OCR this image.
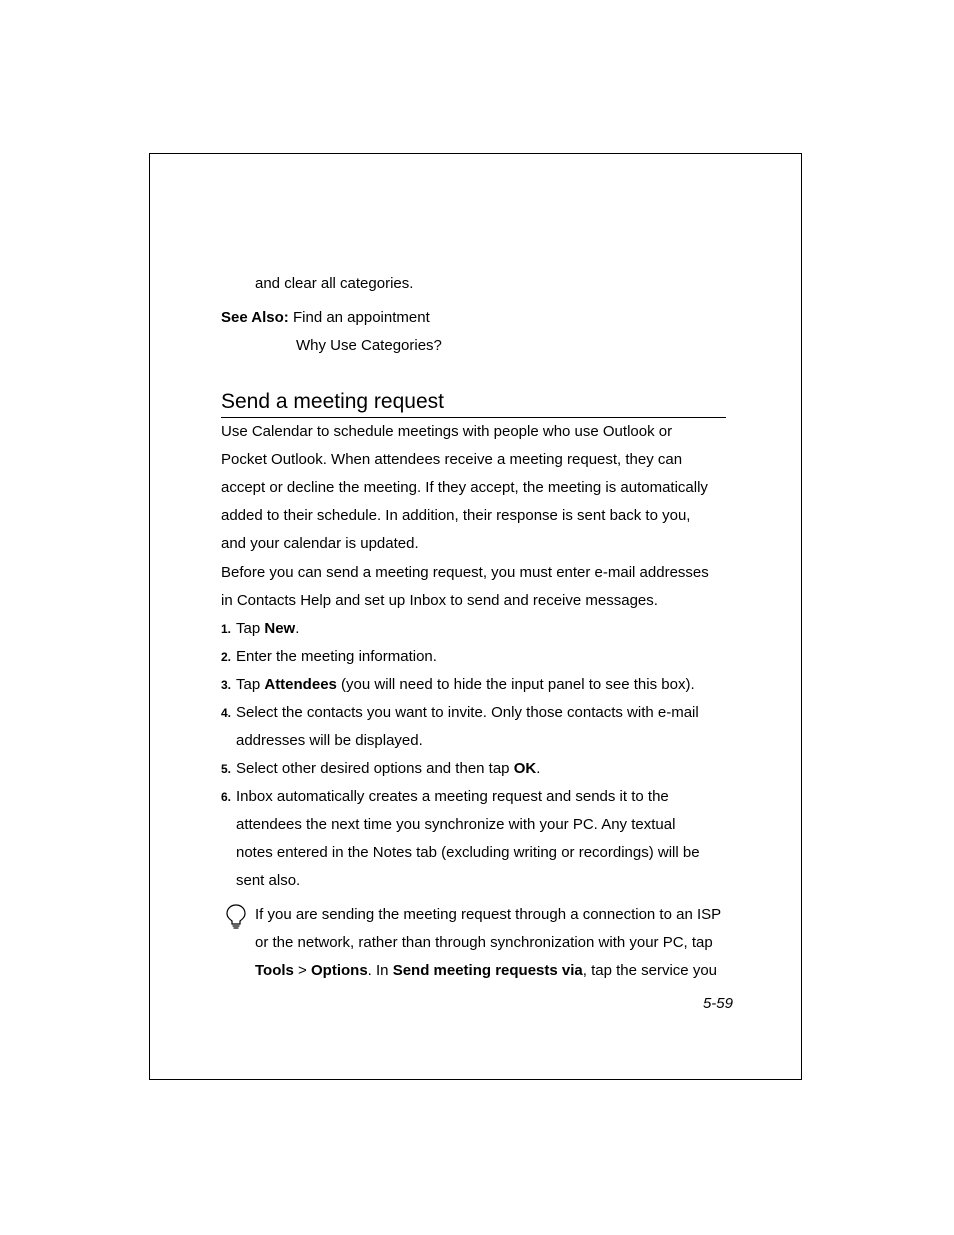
and clear all categories.
See Also: Find an appointment
Why Use Categories?
Send a meeting request
Use Calendar to schedule meetings with people who use Outlook or
Pocket Outlook. When attendees receive a meeting request, they can
accept or decline the meeting. If they accept, the meeting is automatically
added to their schedule. In addition, their response is sent back to you,
and your calendar is updated.
Before you can send a meeting request, you must enter e-mail addresses
in Contacts Help and set up Inbox to send and receive messages.
1. Tap New.
2. Enter the meeting information.
3. Tap Attendees (you will need to hide the input panel to see this box).
4. Select the contacts you want to invite. Only those contacts with e-mail
addresses will be displayed.
5. Select other desired options and then tap OK.
6. Inbox automatically creates a meeting request and sends it to the
attendees the next time you synchronize with your PC. Any textual
notes entered in the Notes tab (excluding writing or recordings) will be
sent also.
If you are sending the meeting request through a connection to an ISP
or the network, rather than through synchronization with your PC, tap
Tools > Options. In Send meeting requests via, tap the service you
5-59
